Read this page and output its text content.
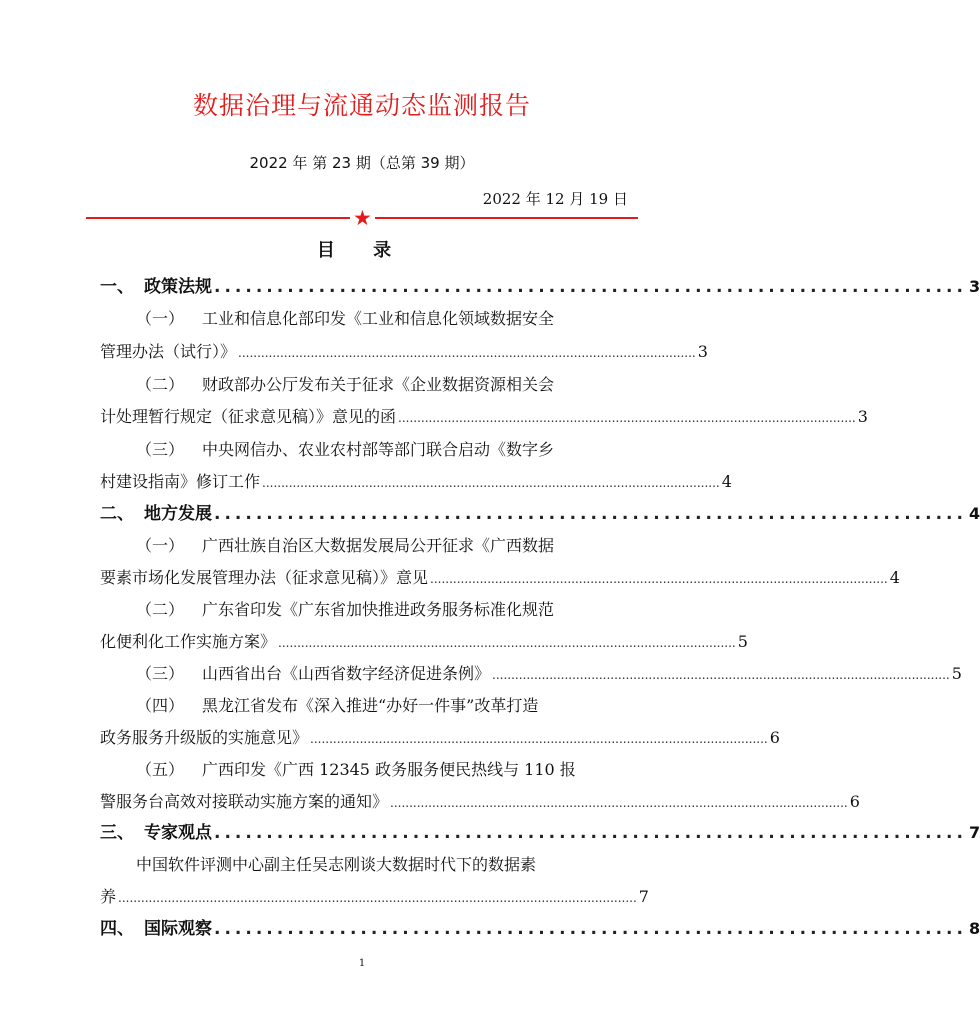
数据治理与流通动态监测报告
2022 年 第 23 期（总第 39 期）
2022 年 12 月 19 日
★
目 录
一、 政策法规 ........................................................................ 3
（一） 工业和信息化部印发《工业和信息化领域数据安全
管理办法（试行）》 ........................................................................................................................ 3
（二） 财政部办公厅发布关于征求《企业数据资源相关会
计处理暂行规定（征求意见稿）》意见的函 ........................................................................................................................ 3
（三） 中央网信办、农业农村部等部门联合启动《数字乡
村建设指南》修订工作 ........................................................................................................................ 4
二、 地方发展 ........................................................................ 4
（一） 广西壮族自治区大数据发展局公开征求《广西数据
要素市场化发展管理办法（征求意见稿）》意见 ........................................................................................................................ 4
（二） 广东省印发《广东省加快推进政务服务标准化规范
化便利化工作实施方案》 ........................................................................................................................ 5
（三） 山西省出台《山西省数字经济促进条例》 ........................................................................................................................ 5
（四） 黑龙江省发布《深入推进“办好一件事”改革打造
政务服务升级版的实施意见》 ........................................................................................................................ 6
（五） 广西印发《广西 12345 政务服务便民热线与 110 报
警服务台高效对接联动实施方案的通知》 ........................................................................................................................ 6
三、 专家观点 ........................................................................ 7
中国软件评测中心副主任吴志刚谈大数据时代下的数据素
养 ........................................................................................................................................ 7
四、 国际观察 ........................................................................ 8
1
